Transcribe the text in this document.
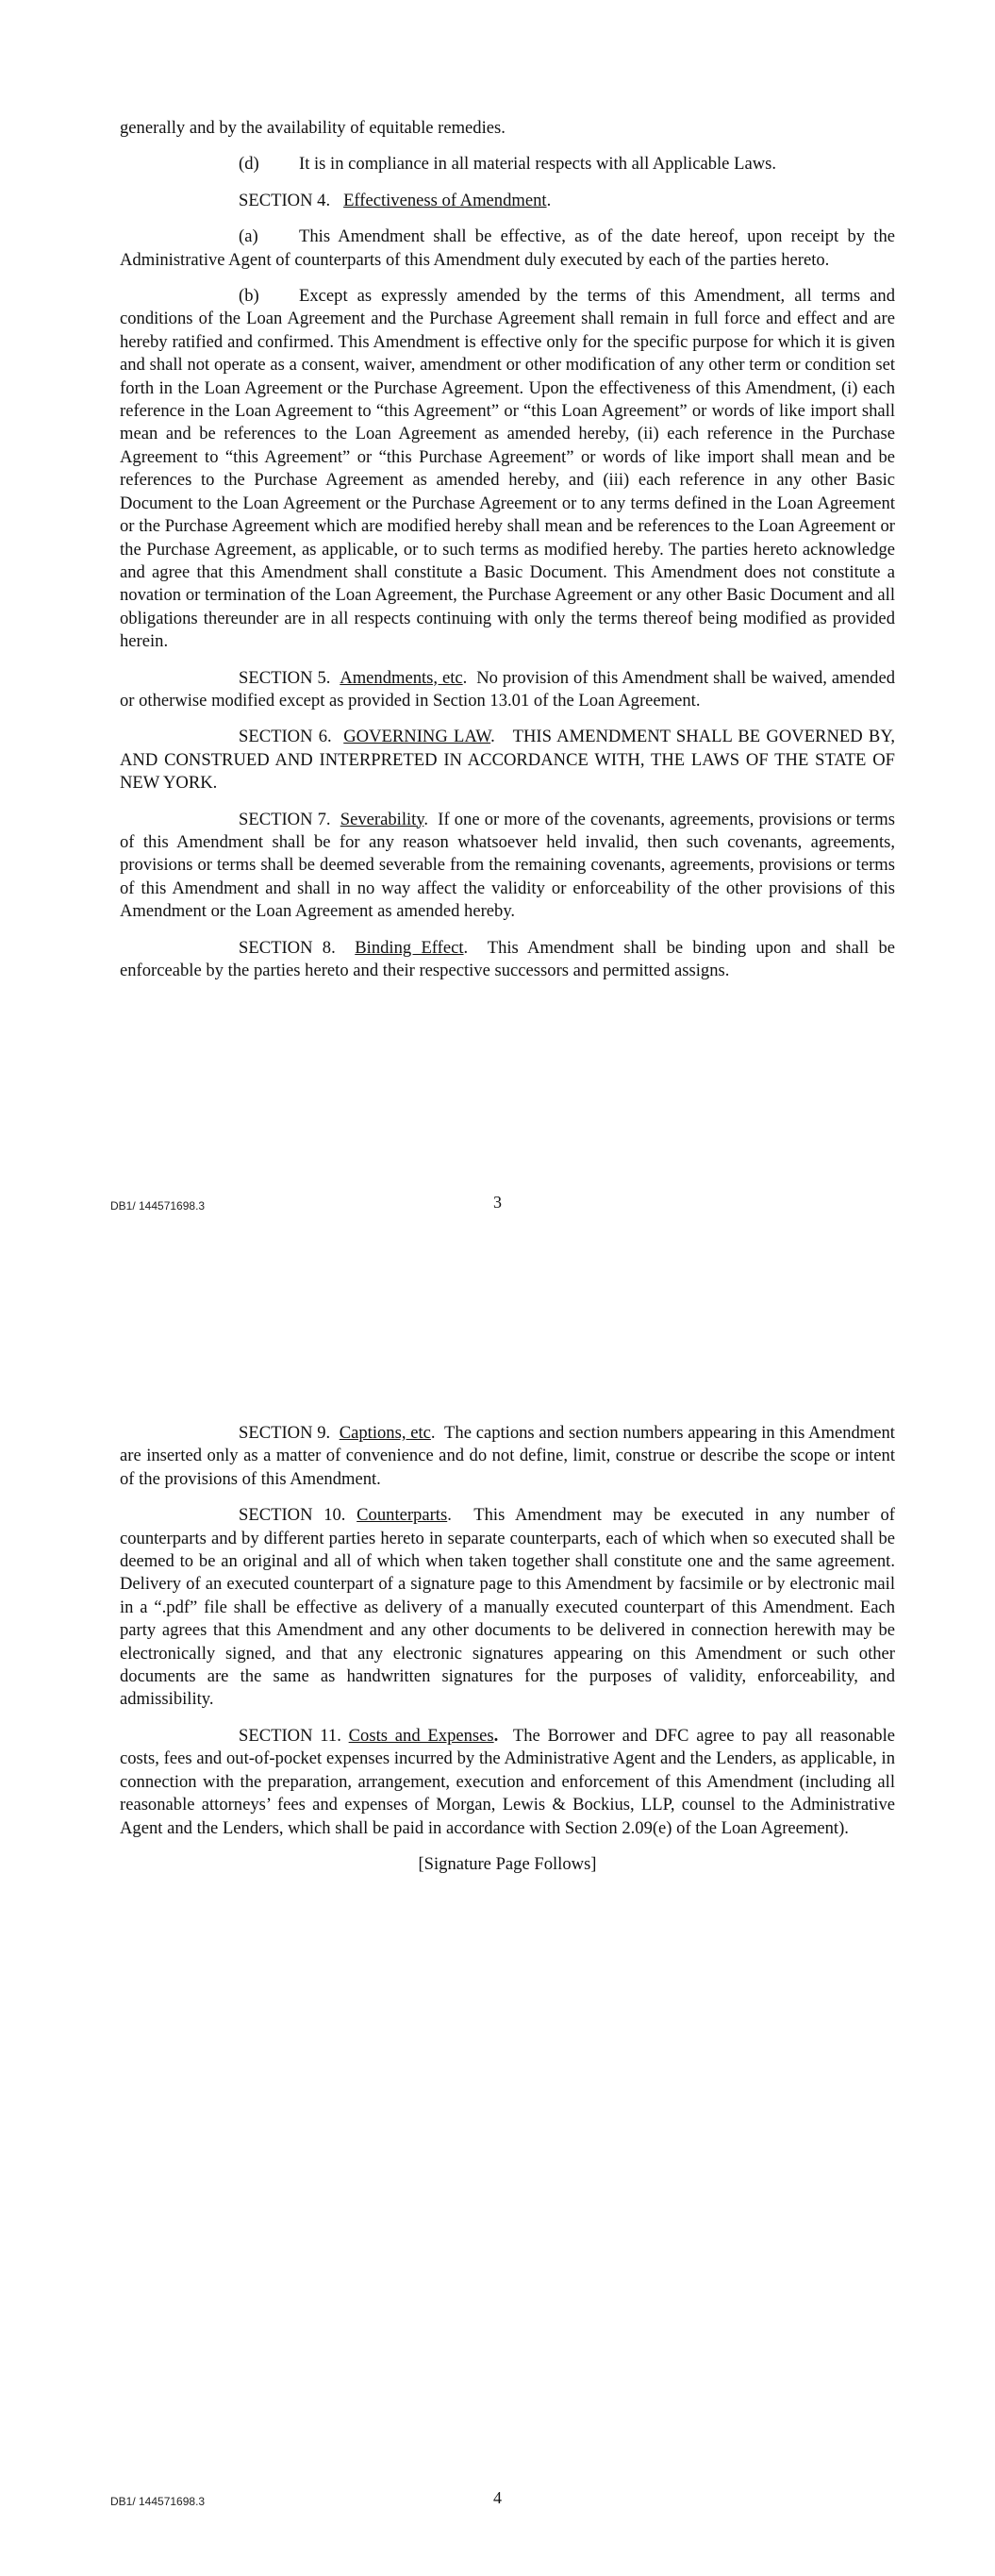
generally and by the availability of equitable remedies.

(d) It is in compliance in all material respects with all Applicable Laws.

SECTION 4. Effectiveness of Amendment.

(a) This Amendment shall be effective, as of the date hereof, upon receipt by the Administrative Agent of counterparts of this Amendment duly executed by each of the parties hereto.

(b) Except as expressly amended by the terms of this Amendment, all terms and conditions of the Loan Agreement and the Purchase Agreement shall remain in full force and effect and are hereby ratified and confirmed. This Amendment is effective only for the specific purpose for which it is given and shall not operate as a consent, waiver, amendment or other modification of any other term or condition set forth in the Loan Agreement or the Purchase Agreement. Upon the effectiveness of this Amendment, (i) each reference in the Loan Agreement to “this Agreement” or “this Loan Agreement” or words of like import shall mean and be references to the Loan Agreement as amended hereby, (ii) each reference in the Purchase Agreement to “this Agreement” or “this Purchase Agreement” or words of like import shall mean and be references to the Purchase Agreement as amended hereby, and (iii) each reference in any other Basic Document to the Loan Agreement or the Purchase Agreement or to any terms defined in the Loan Agreement or the Purchase Agreement which are modified hereby shall mean and be references to the Loan Agreement or the Purchase Agreement, as applicable, or to such terms as modified hereby. The parties hereto acknowledge and agree that this Amendment shall constitute a Basic Document. This Amendment does not constitute a novation or termination of the Loan Agreement, the Purchase Agreement or any other Basic Document and all obligations thereunder are in all respects continuing with only the terms thereof being modified as provided herein.

SECTION 5. Amendments, etc. No provision of this Amendment shall be waived, amended or otherwise modified except as provided in Section 13.01 of the Loan Agreement.

SECTION 6. GOVERNING LAW. THIS AMENDMENT SHALL BE GOVERNED BY, AND CONSTRUED AND INTERPRETED IN ACCORDANCE WITH, THE LAWS OF THE STATE OF NEW YORK.

SECTION 7. Severability. If one or more of the covenants, agreements, provisions or terms of this Amendment shall be for any reason whatsoever held invalid, then such covenants, agreements, provisions or terms shall be deemed severable from the remaining covenants, agreements, provisions or terms of this Amendment and shall in no way affect the validity or enforceability of the other provisions of this Amendment or the Loan Agreement as amended hereby.

SECTION 8. Binding Effect. This Amendment shall be binding upon and shall be enforceable by the parties hereto and their respective successors and permitted assigns.

3
DB1/ 144571698.3

SECTION 9. Captions, etc. The captions and section numbers appearing in this Amendment are inserted only as a matter of convenience and do not define, limit, construe or describe the scope or intent of the provisions of this Amendment.

SECTION 10. Counterparts. This Amendment may be executed in any number of counterparts and by different parties hereto in separate counterparts, each of which when so executed shall be deemed to be an original and all of which when taken together shall constitute one and the same agreement. Delivery of an executed counterpart of a signature page to this Amendment by facsimile or by electronic mail in a “.pdf” file shall be effective as delivery of a manually executed counterpart of this Amendment. Each party agrees that this Amendment and any other documents to be delivered in connection herewith may be electronically signed, and that any electronic signatures appearing on this Amendment or such other documents are the same as handwritten signatures for the purposes of validity, enforceability, and admissibility.

SECTION 11. Costs and Expenses. The Borrower and DFC agree to pay all reasonable costs, fees and out-of-pocket expenses incurred by the Administrative Agent and the Lenders, as applicable, in connection with the preparation, arrangement, execution and enforcement of this Amendment (including all reasonable attorneys’ fees and expenses of Morgan, Lewis & Bockius, LLP, counsel to the Administrative Agent and the Lenders, which shall be paid in accordance with Section 2.09(e) of the Loan Agreement).

[Signature Page Follows]

4
DB1/ 144571698.3
